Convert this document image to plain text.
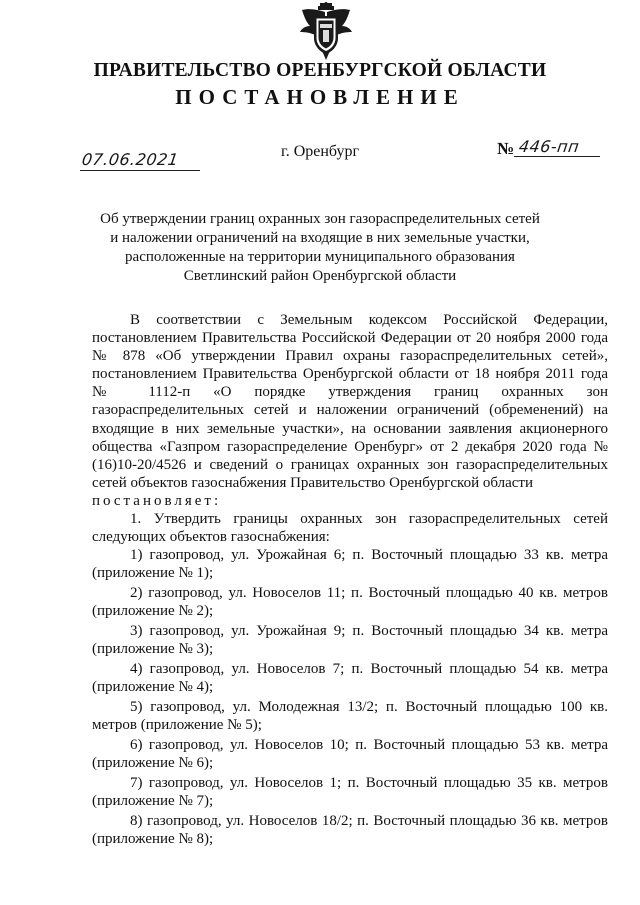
ПРАВИТЕЛЬСТВО ОРЕНБУРГСКОЙ ОБЛАСТИ
ПОСТАНОВЛЕНИЕ
07.06.2021	г. Оренбург	№ 446-пп
Об утверждении границ охранных зон газораспределительных сетей
и наложении ограничений на входящие в них земельные участки,
расположенные на территории муниципального образования
Светлинский район Оренбургской области

В соответствии с Земельным кодексом Российской Федерации, постановлением Правительства Российской Федерации от 20 ноября 2000 года № 878 «Об утверждении Правил охраны газораспределительных сетей», постановлением Правительства Оренбургской области от 18 ноября 2011 года № 1112-п «О порядке утверждения границ охранных зон газораспределительных сетей и наложении ограничений (обременений) на входящие в них земельные участки», на основании заявления акционерного общества «Газпром газораспределение Оренбург» от 2 декабря 2020 года № (16)10-20/4526 и сведений о границах охранных зон газораспределительных сетей объектов газоснабжения Правительство Оренбургской области

постановляет:

1. Утвердить границы охранных зон газораспределительных сетей следующих объектов газоснабжения:

1) газопровод, ул. Урожайная 6; п. Восточный площадью 33 кв. метра (приложение № 1);

2) газопровод, ул. Новоселов 11; п. Восточный площадью 40 кв. метров (приложение № 2);

3) газопровод, ул. Урожайная 9; п. Восточный площадью 34 кв. метра (приложение № 3);

4) газопровод, ул. Новоселов 7; п. Восточный площадью 54 кв. метра (приложение № 4);

5) газопровод, ул. Молодежная 13/2; п. Восточный площадью 100 кв. метров (приложение № 5);

6) газопровод, ул. Новоселов 10; п. Восточный площадью 53 кв. метра (приложение № 6);

7) газопровод, ул. Новоселов 1; п. Восточный площадью 35 кв. метров (приложение № 7);

8) газопровод, ул. Новоселов 18/2; п. Восточный площадью 36 кв. метров (приложение № 8);
